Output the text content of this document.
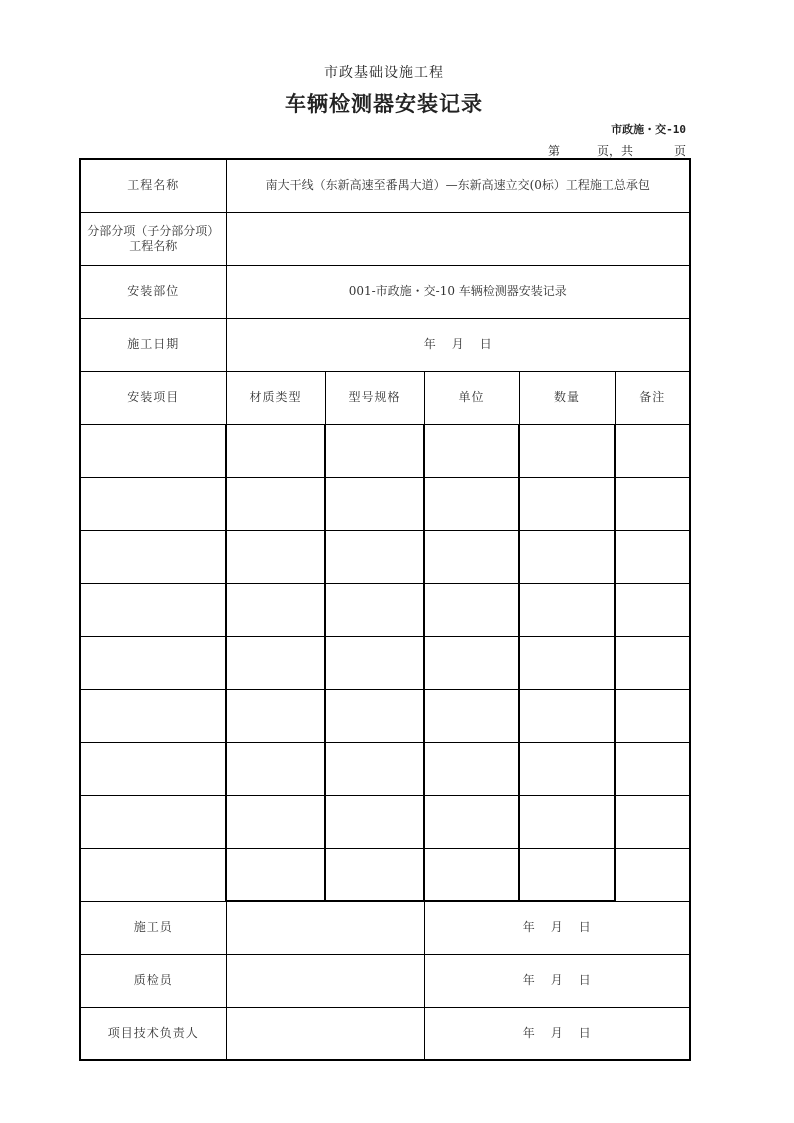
市政基础设施工程
车辆检测器安装记录
市政施・交-10
第	页，共	页
工程名称	南大干线（东新高速至番禺大道）—东新高速立交(0标）工程施工总承包				
分部分项（子分部分项）工程名称					
安装部位	001-市政施・交-10 车辆检测器安装记录				
施工日期	年 月 日				
安装项目	材质类型	型号规格	单位	数量	备注

施工员			年 月 日		
质检员			年 月 日		
项目技术负责人			年 月 日		
